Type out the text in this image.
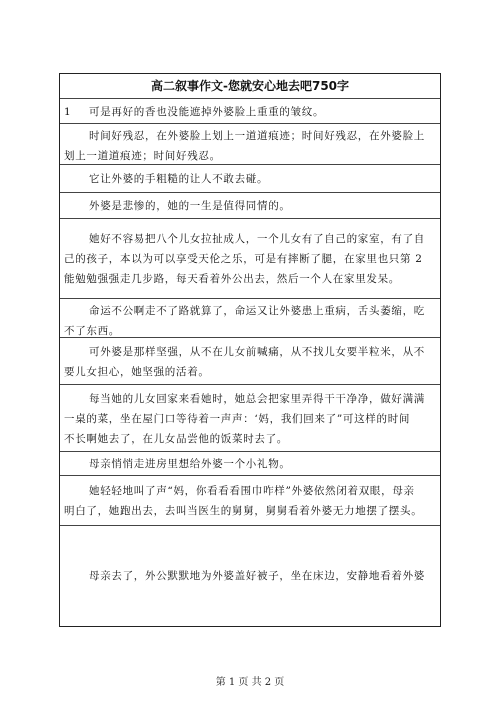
高二叙事作文-您就安心地去吧750字
可是再好的香也没能遮掉外婆脸上重重的皱纹。
1
时间好残忍，在外婆脸上划上一道道痕迹；时间好残忍，在外婆脸上
划上一道道痕迹；时间好残忍。
它让外婆的手粗糙的让人不敢去碰。
外婆是悲惨的，她的一生是值得同情的。
她好不容易把八个儿女拉扯成人，一个儿女有了自己的家室，有了自
己的孩子，本以为可以享受天伦之乐，可是有摔断了腿，在家里也只第 2
能勉勉强强走几步路，每天看着外公出去，然后一个人在家里发呆。
命运不公啊走不了路就算了，命运又让外婆患上重病，舌头萎缩，吃
不了东西。
可外婆是那样坚强，从不在儿女前喊痛，从不找儿女要半粒米，从不
要儿女担心，她坚强的活着。
每当她的儿女回家来看她时，她总会把家里弄得干干净净，做好满满
一桌的菜，坐在屋门口等待着一声声：‘妈，我们回来了”可这样的时间
不长啊她去了，在儿女品尝他的饭菜时去了。
母亲悄悄走进房里想给外婆一个小礼物。
她轻轻地叫了声“妈，你看看看围巾咋样”外婆依然闭着双眼，母亲
明白了，她跑出去，去叫当医生的舅舅，舅舅看着外婆无力地摆了摆头。
母亲去了，外公默默地为外婆盖好被子，坐在床边，安静地看着外婆
第 1 页 共 2 页
